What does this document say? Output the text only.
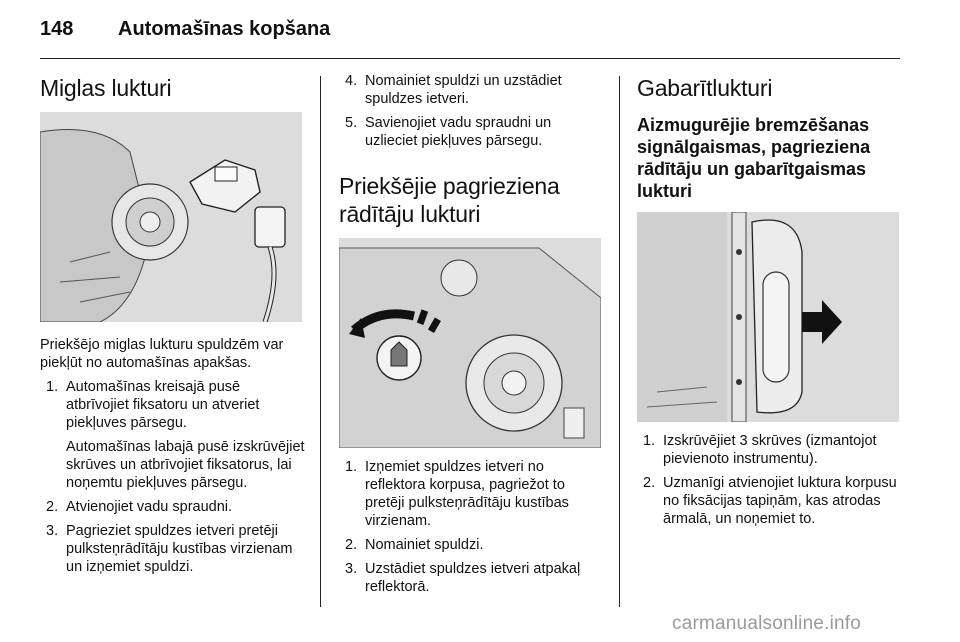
148	Automašīnas kopšana
Miglas lukturi

Priekšējo miglas lukturu spuldzēm var piekļūt no automašīnas apakšas.

1. Automašīnas kreisajā pusē atbrīvojiet fiksatoru un atveriet piekļuves pārsegu.
Automašīnas labajā pusē izskrūvējiet skrūves un atbrīvojiet fiksatorus, lai noņemtu piekļuves pārsegu.
2. Atvienojiet vadu spraudni.
3. Pagrieziet spuldzes ietveri pretēji pulksteņrādītāju kustības virzienam un izņemiet spuldzi.
4. Nomainiet spuldzi un uzstādiet spuldzes ietveri.
5. Savienojiet vadu spraudni un uzlieciet piekļuves pārsegu.
Priekšējie pagrieziena rādītāju lukturi
1. Izņemiet spuldzes ietveri no reflektora korpusa, pagriežot to pretēji pulksteņrādītāju kustības virzienam.
2. Nomainiet spuldzi.
3. Uzstādiet spuldzes ietveri atpakaļ reflektorā.
Gabarītlukturi
Aizmugurējie bremzēšanas signālgaismas, pagrieziena rādītāju un gabarītgaismas lukturi
1. Izskrūvējiet 3 skrūves (izmantojot pievienoto instrumentu).
2. Uzmanīgi atvienojiet luktura korpusu no fiksācijas tapiņām, kas atrodas ārmalā, un noņemiet to.
carmanualsonline.info
